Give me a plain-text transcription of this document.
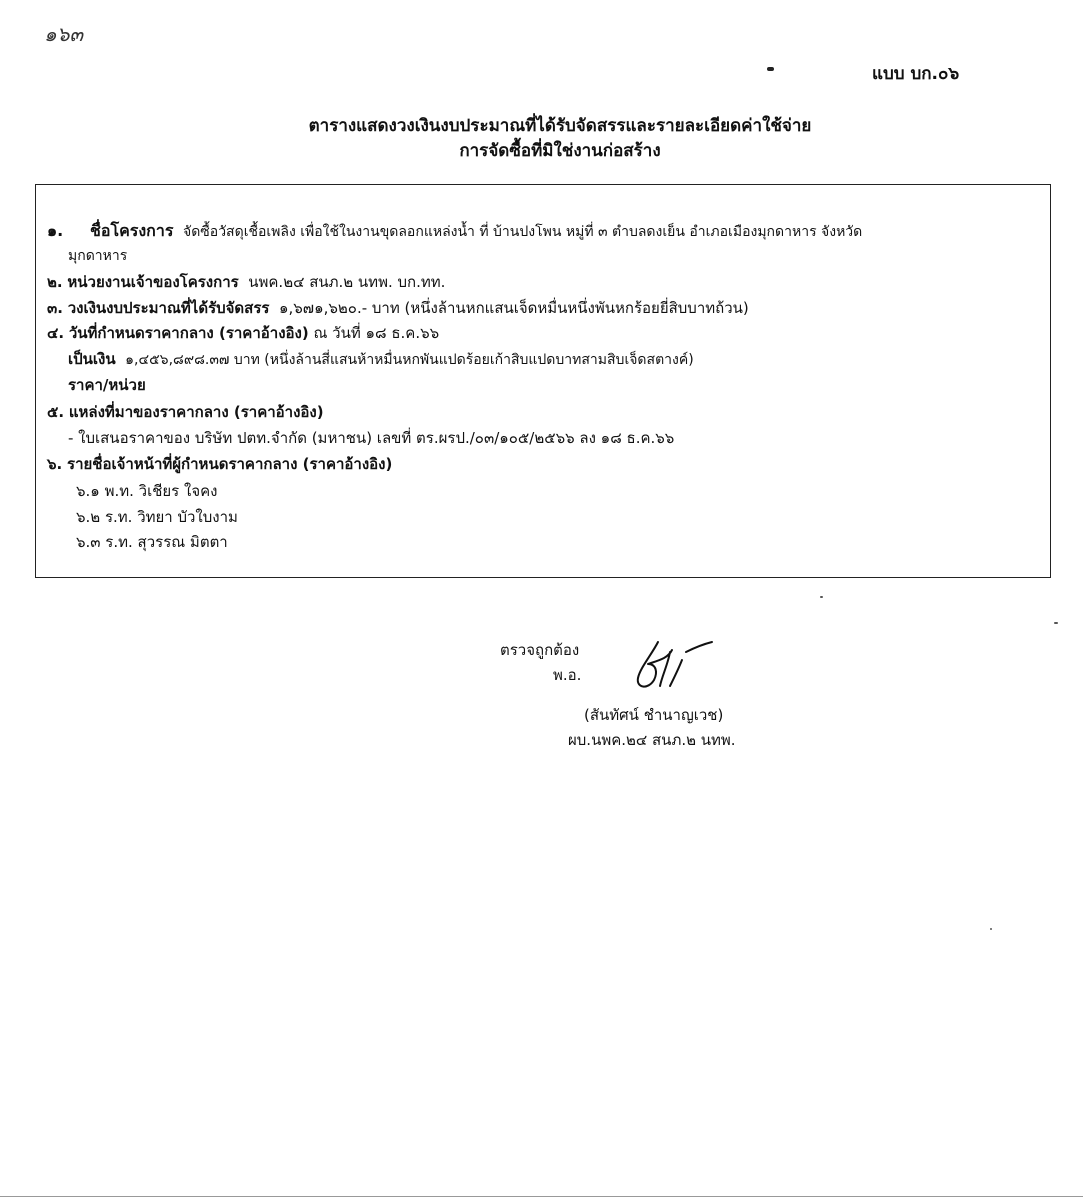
๑๖๓
แบบ บก.๐๖
ตารางแสดงวงเงินงบประมาณที่ได้รับจัดสรรและรายละเอียดค่าใช้จ่าย
การจัดซื้อที่มิใช่งานก่อสร้าง
๑. ชื่อโครงการ จัดซื้อวัสดุเชื้อเพลิง เพื่อใช้ในงานขุดลอกแหล่งน้ำ ที่ บ้านปงโพน หมู่ที่ ๓ ตำบลดงเย็น อำเภอเมืองมุกดาหาร จังหวัด
มุกดาหาร
๒. หน่วยงานเจ้าของโครงการ นพค.๒๔ สนภ.๒ นทพ. บก.ทท.
๓. วงเงินงบประมาณที่ได้รับจัดสรร ๑,๖๗๑,๖๒๐.- บาท (หนึ่งล้านหกแสนเจ็ดหมื่นหนึ่งพันหกร้อยยี่สิบบาทถ้วน)
๔. วันที่กำหนดราคากลาง (ราคาอ้างอิง) ณ วันที่ ๑๘ ธ.ค.๖๖
เป็นเงิน ๑,๔๕๖,๘๙๘.๓๗ บาท (หนึ่งล้านสี่แสนห้าหมื่นหกพันแปดร้อยเก้าสิบแปดบาทสามสิบเจ็ดสตางค์)
ราคา/หน่วย
๕. แหล่งที่มาของราคากลาง (ราคาอ้างอิง)
- ใบเสนอราคาของ บริษัท ปตท.จำกัด (มหาชน) เลขที่ ตร.ผรป./๐๓/๑๐๕/๒๕๖๖ ลง ๑๘ ธ.ค.๖๖
๖. รายชื่อเจ้าหน้าที่ผู้กำหนดราคากลาง (ราคาอ้างอิง)
๖.๑ พ.ท. วิเชียร ใจคง
๖.๒ ร.ท. วิทยา บัวใบงาม
๖.๓ ร.ท. สุวรรณ มิตตา
ตรวจถูกต้อง
พ.อ.
(สันทัศน์ ชำนาญเวช)
ผบ.นพค.๒๔ สนภ.๒ นทพ.
